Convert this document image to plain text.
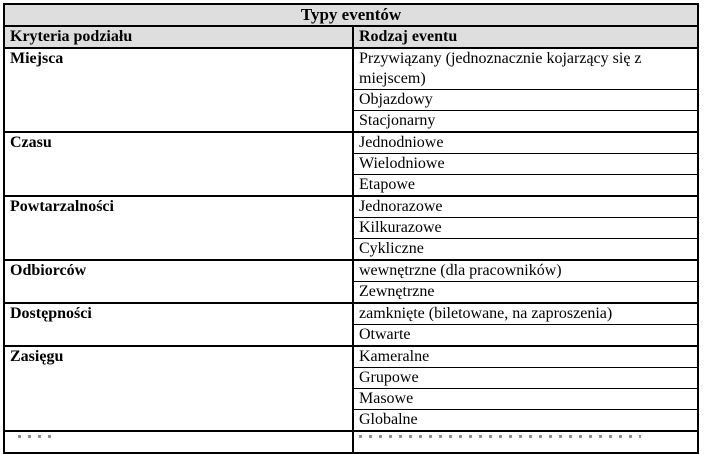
Typy eventów	
Kryteria podziału	Rodzaj eventu
Miejsca	Przywiązany (jednoznacznie kojarzący się z miejscem)
	Objazdowy
	Stacjonarny
Czasu	Jednodniowe
	Wielodniowe
	Etapowe
Powtarzalności	Jednorazowe
	Kilkurazowe
	Cykliczne
Odbiorców	wewnętrzne (dla pracowników)
	Zewnętrzne
Dostępności	zamknięte (biletowane, na zaproszenia)
	Otwarte
Zasięgu	Kameralne
	Grupowe
	Masowe
	Globalne
